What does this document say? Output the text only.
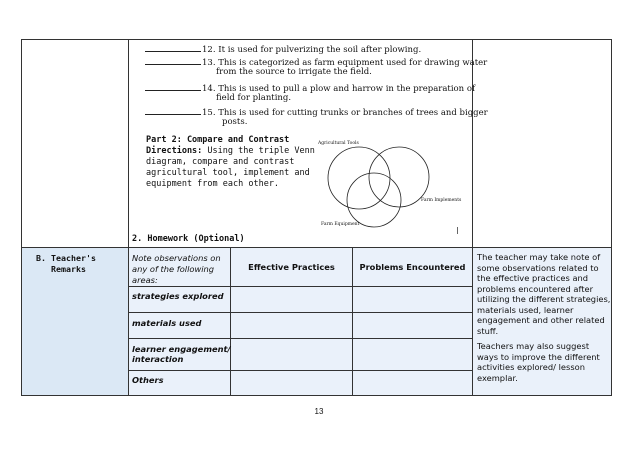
12. It is used for pulverizing the soil after plowing.
13. This is categorized as farm equipment used for drawing water
from the source to irrigate the field.
14. This is used to pull a plow and harrow in the preparation of
field for planting.
15. This is used for cutting trunks or branches of trees and bigger
posts.
Part 2: Compare and Contrast
Directions: Using the triple Venn
diagram, compare and contrast
agricultural tool, implement and
equipment from each other.
Agricultural Tools
Farm Implements
Farm Equipment
2. Homework (Optional)
B. Teacher's
Remarks
Note observations on
any of the following
areas:
Effective Practices	Problems Encountered
strategies explored
materials used
learner engagement/
interaction
Others
The teacher may take note of
some observations related to
the effective practices and
problems encountered after
utilizing the different strategies,
materials used, learner
engagement and other related
stuff.
Teachers may also suggest
ways to improve the different
activities explored/ lesson
exemplar.
13
